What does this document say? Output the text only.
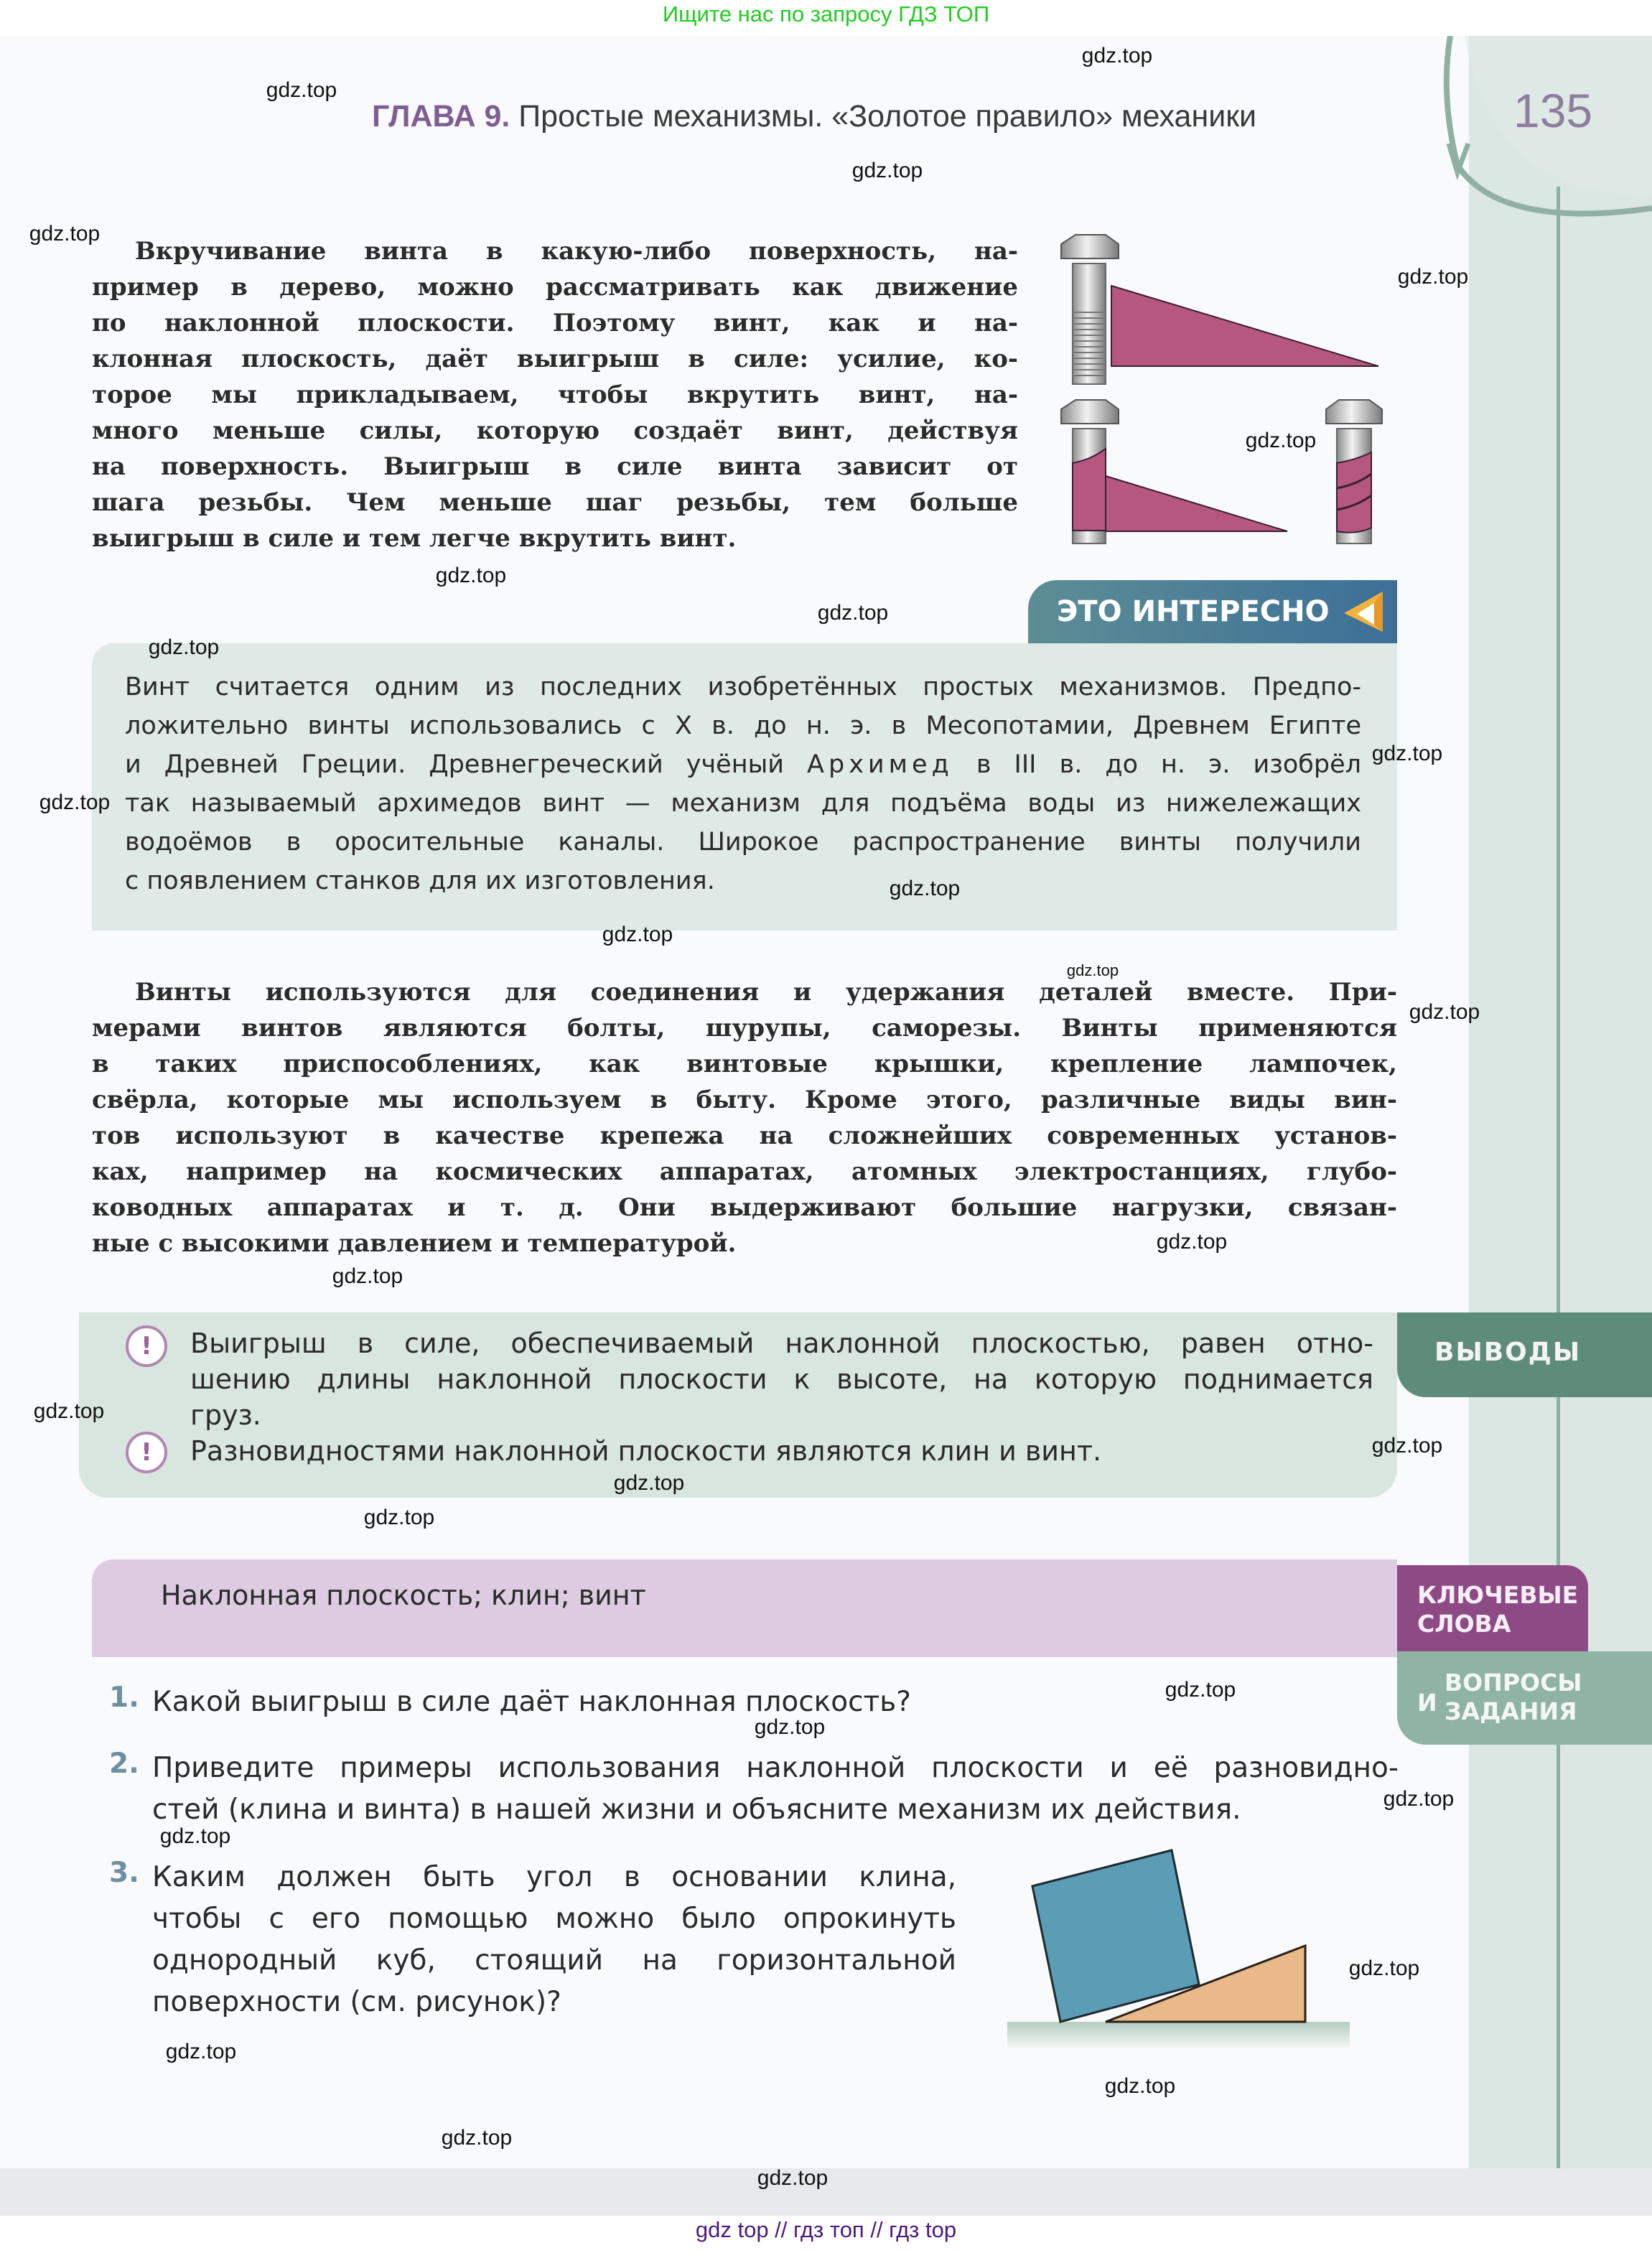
Ищите нас по запросу ГДЗ ТОП
ГЛАВА 9. Простые механизмы. «Золотое правило» механики	135
Вкручивание винта в какую-либо поверхность, на-
пример в дерево, можно рассматривать как движение
по наклонной плоскости. Поэтому винт, как и на-
клонная плоскость, даёт выигрыш в силе: усилие, ко-
торое мы прикладываем, чтобы вкрутить винт, на-
много меньше силы, которую создаёт винт, действуя
на поверхность. Выигрыш в силе винта зависит от
шага резьбы. Чем меньше шаг резьбы, тем больше
выигрыш в силе и тем легче вкрутить винт.
ЭТО ИНТЕРЕСНО
Винт считается одним из последних изобретённых простых механизмов. Предпо-
ложительно винты использовались с X в. до н. э. в Месопотамии, Древнем Египте
и Древней Греции. Древнегреческий учёный Архимед в III в. до н. э. изобрёл
так называемый архимедов винт — механизм для подъёма воды из нижележащих
водоёмов в оросительные каналы. Широкое распространение винты получили
с появлением станков для их изготовления.
Винты используются для соединения и удержания деталей вместе. При-
мерами винтов являются болты, шурупы, саморезы. Винты применяются
в таких приспособлениях, как винтовые крышки, крепление лампочек,
свёрла, которые мы используем в быту. Кроме этого, различные виды вин-
тов используют в качестве крепежа на сложнейших современных установ-
ках, например на космических аппаратах, атомных электростанциях, глубо-
ководных аппаратах и т. д. Они выдерживают большие нагрузки, связан-
ные с высокими давлением и температурой.
ВЫВОДЫ
!	Выигрыш в силе, обеспечиваемый наклонной плоскостью, равен отно-
шению длины наклонной плоскости к высоте, на которую поднимается
груз.
!	Разновидностями наклонной плоскости являются клин и винт.
Наклонная плоскость; клин; винт	КЛЮЧЕВЫЕ
СЛОВА
И
ВОПРОСЫ
ЗАДАНИЯ
1. Какой выигрыш в силе даёт наклонная плоскость?
2. Приведите примеры использования наклонной плоскости и её разновидно-
стей (клина и винта) в нашей жизни и объясните механизм их действия.
3. Каким должен быть угол в основании клина,
чтобы с его помощью можно было опрокинуть
однородный куб, стоящий на горизонтальной
поверхности (см. рисунок)?
gdz.top
gdz.top
gdz.top
gdz.top
gdz.top
gdz.top
gdz.top
gdz.top
gdz.top
gdz.top
gdz.top
gdz.top
gdz.top
gdz.top
gdz.top
gdz.top
gdz.top
gdz.top
gdz.top
gdz.top
gdz.top
gdz.top
gdz.top
gdz.top
gdz.top
gdz.top
gdz.top
gdz.top
gdz.top
gdz.top
gdz top // гдз топ // гдз top
